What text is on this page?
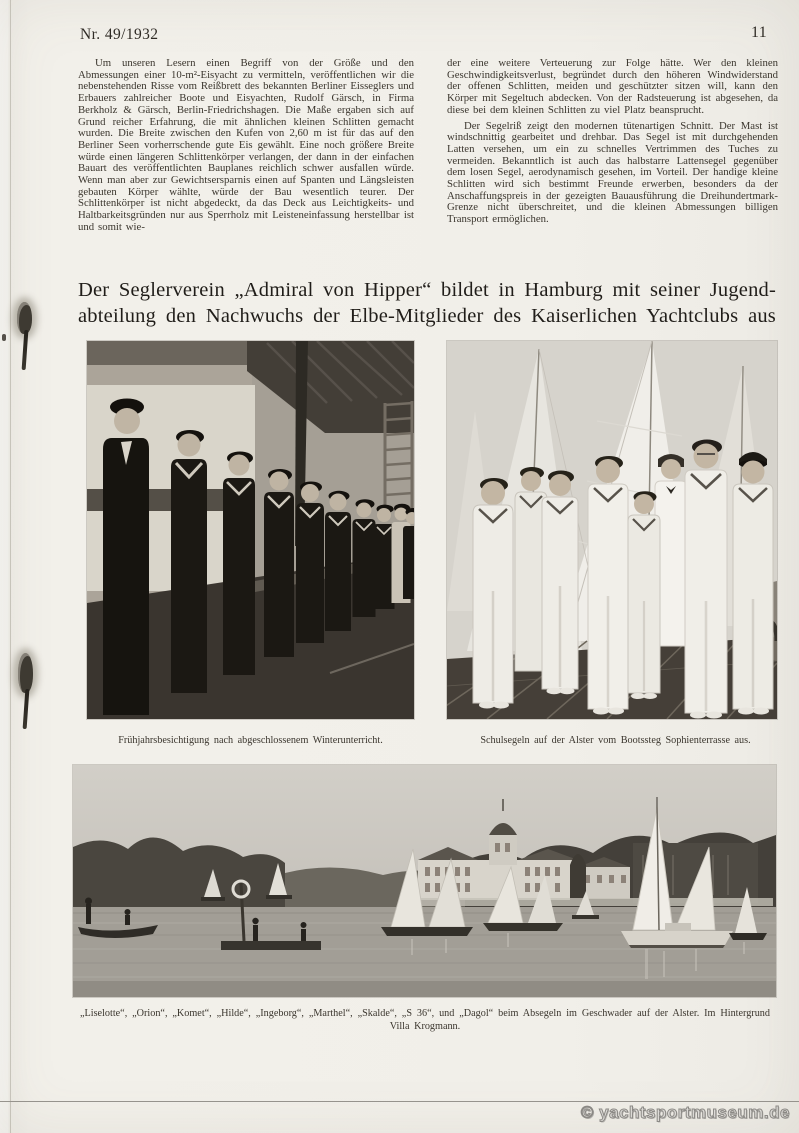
Nr. 49/1932	11

Um unseren Lesern einen Begriff von der Größe und den Abmessungen einer 10-m²-Eisyacht zu vermitteln, veröffentlichen wir die nebenstehenden Risse vom Reißbrett des bekannten Berliner Eisseglers und Erbauers zahlreicher Boote und Eisyachten, Rudolf Gärsch, in Firma Berkholz & Gärsch, Berlin-Friedrichshagen. Die Maße ergaben sich auf Grund reicher Erfahrung, die mit ähnlichen kleinen Schlitten gemacht wurden. Die Breite zwischen den Kufen von 2,60 m ist für das auf den Berliner Seen vorherrschende gute Eis gewählt. Eine noch größere Breite würde einen längeren Schlittenkörper verlangen, der dann in der einfachen Bauart des veröffentlichten Bauplanes reichlich schwer ausfallen würde. Wenn man aber zur Gewichtsersparnis einen auf Spanten und Längsleisten gebauten Körper wählte, würde der Bau wesentlich teurer. Der Schlittenkörper ist nicht abgedeckt, da das Deck aus Leichtigkeits- und Haltbarkeitsgründen nur aus Sperrholz mit Leisteneinfassung herstellbar ist und somit wie-

der eine weitere Verteuerung zur Folge hätte. Wer den kleinen Geschwindigkeitsverlust, begründet durch den höheren Windwiderstand der offenen Schlitten, meiden und geschützter sitzen will, kann den Körper mit Segeltuch abdecken. Von der Radsteuerung ist abgesehen, da diese bei dem kleinen Schlitten zu viel Platz beansprucht.

Der Segelriß zeigt den modernen tütenartigen Schnitt. Der Mast ist windschnittig gearbeitet und drehbar. Das Segel ist mit durchgehenden Latten versehen, um ein zu schnelles Vertrimmen des Tuches zu vermeiden. Bekanntlich ist auch das halbstarre Lattensegel gegenüber dem losen Segel, aerodynamisch gesehen, im Vorteil. Der handige kleine Schlitten wird sich bestimmt Freunde erwerben, besonders da der Anschaffungspreis in der gezeigten Bauausführung die Dreihundertmark-Grenze nicht überschreitet, und die kleinen Abmessungen billigen Transport ermöglichen.

Der Seglerverein „Admiral von Hipper“ bildet in Hamburg mit seiner Jugend-
abteilung den Nachwuchs der Elbe-Mitglieder des Kaiserlichen Yachtclubs aus
Frühjahrsbesichtigung nach abgeschlossenem Winterunterricht.	Schulsegeln auf der Alster vom Bootssteg Sophienterrasse aus.
„Liselotte“, „Orion“, „Komet“, „Hilde“, „Ingeborg“, „Marthel“, „Skalde“, „S 36“, und „Dagol“ beim Absegeln im Geschwader auf der Alster. Im Hintergrund Villa Krogmann.
© yachtsportmuseum.de
